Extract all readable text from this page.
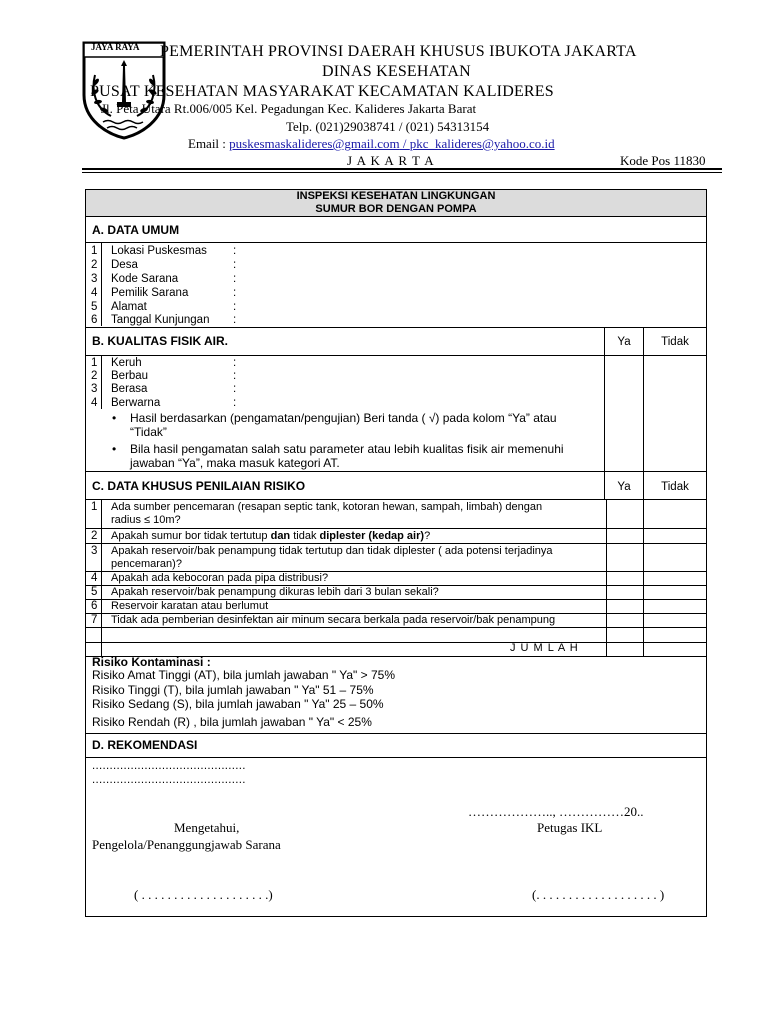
JAYA RAYA PEMERINTAH PROVINSI DAERAH KHUSUS IBUKOTA JAKARTA
DINAS KESEHATAN
PUSAT KESEHATAN MASYARAKAT KECAMATAN KALIDERES
Jl. Peta Utara Rt.006/005 Kel. Pegadungan Kec. Kalideres Jakarta Barat
Telp. (021)29038741 / (021) 54313154
Email : puskesmaskalideres@gmail.com / pkc_kalideres@yahoo.co.id
J A K A R T A	Kode Pos 11830
INSPEKSI KESEHATAN LINGKUNGAN
SUMUR BOR DENGAN POMPA
A. DATA UMUM
1 Lokasi Puskesmas :
2 Desa	:
3 Kode Sarana	:
4 Pemilik Sarana	:
5 Alamat	:
6 Tanggal Kunjungan :
B. KUALITAS FISIK AIR.	Ya	Tidak
1 Keruh	:
2 Berbau	:
3 Berasa	:
4 Berwarna	:
• Hasil berdasarkan (pengamatan/pengujian) Beri tanda ( √) pada kolom “Ya” atau
“Tidak”
• Bila hasil pengamatan salah satu parameter atau lebih kualitas fisik air memenuhi
jawaban “Ya”, maka masuk kategori AT.
C. DATA KHUSUS PENILAIAN RISIKO	Ya	Tidak
1 Ada sumber pencemaran (resapan septic tank, kotoran hewan, sampah, limbah) dengan
radius ≤ 10m?
2 Apakah sumur bor tidak tertutup dan tidak diplester (kedap air)?
3 Apakah reservoir/bak penampung tidak tertutup dan tidak diplester ( ada potensi terjadinya
pencemaran)?
4 Apakah ada kebocoran pada pipa distribusi?
5 Apakah reservoir/bak penampung dikuras lebih dari 3 bulan sekali?
6 Reservoir karatan atau berlumut
7 Tidak ada pemberian desinfektan air minum secara berkala pada reservoir/bak penampung
J U M L A H
Risiko Kontaminasi :
Risiko Amat Tinggi (AT), bila jumlah jawaban " Ya" > 75%
Risiko Tinggi (T), bila jumlah jawaban " Ya" 51 – 75%
Risiko Sedang (S), bila jumlah jawaban " Ya" 25 – 50%
Risiko Rendah (R) , bila jumlah jawaban " Ya" < 25%
D. REKOMENDASI
............................................
............................................
……………….., ……………20..
Mengetahui,	Petugas IKL
Pengelola/Penanggungjawab Sarana
( . . . . . . . . . . . . . . . . . . . .)	(. . . . . . . . . . . . . . . . . . . )
